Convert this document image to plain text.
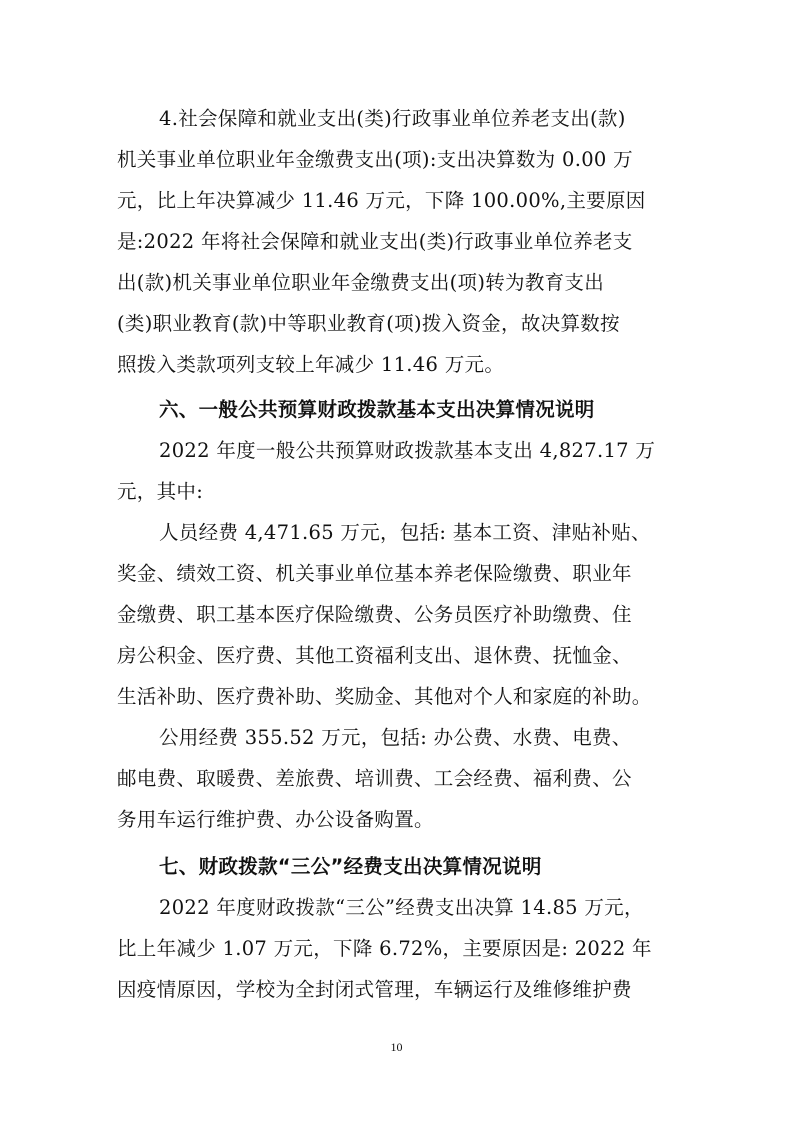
4.社会保障和就业支出(类)行政事业单位养老支出(款)
机关事业单位职业年金缴费支出(项):支出决算数为 0.00 万
元，比上年决算减少 11.46 万元，下降 100.00%,主要原因
是:2022 年将社会保障和就业支出(类)行政事业单位养老支
出(款)机关事业单位职业年金缴费支出(项)转为教育支出
(类)职业教育(款)中等职业教育(项)拨入资金，故决算数按
照拨入类款项列支较上年减少 11.46 万元。
六、一般公共预算财政拨款基本支出决算情况说明
2022 年度一般公共预算财政拨款基本支出 4,827.17 万
元，其中:
人员经费 4,471.65 万元，包括: 基本工资、津贴补贴、
奖金、绩效工资、机关事业单位基本养老保险缴费、职业年
金缴费、职工基本医疗保险缴费、公务员医疗补助缴费、住
房公积金、医疗费、其他工资福利支出、退休费、抚恤金、
生活补助、医疗费补助、奖励金、其他对个人和家庭的补助。
公用经费 355.52 万元，包括: 办公费、水费、电费、
邮电费、取暖费、差旅费、培训费、工会经费、福利费、公
务用车运行维护费、办公设备购置。
七、财政拨款“三公”经费支出决算情况说明
2022 年度财政拨款“三公”经费支出决算 14.85 万元，
比上年减少 1.07 万元，下降 6.72%，主要原因是: 2022 年
因疫情原因，学校为全封闭式管理，车辆运行及维修维护费
10
